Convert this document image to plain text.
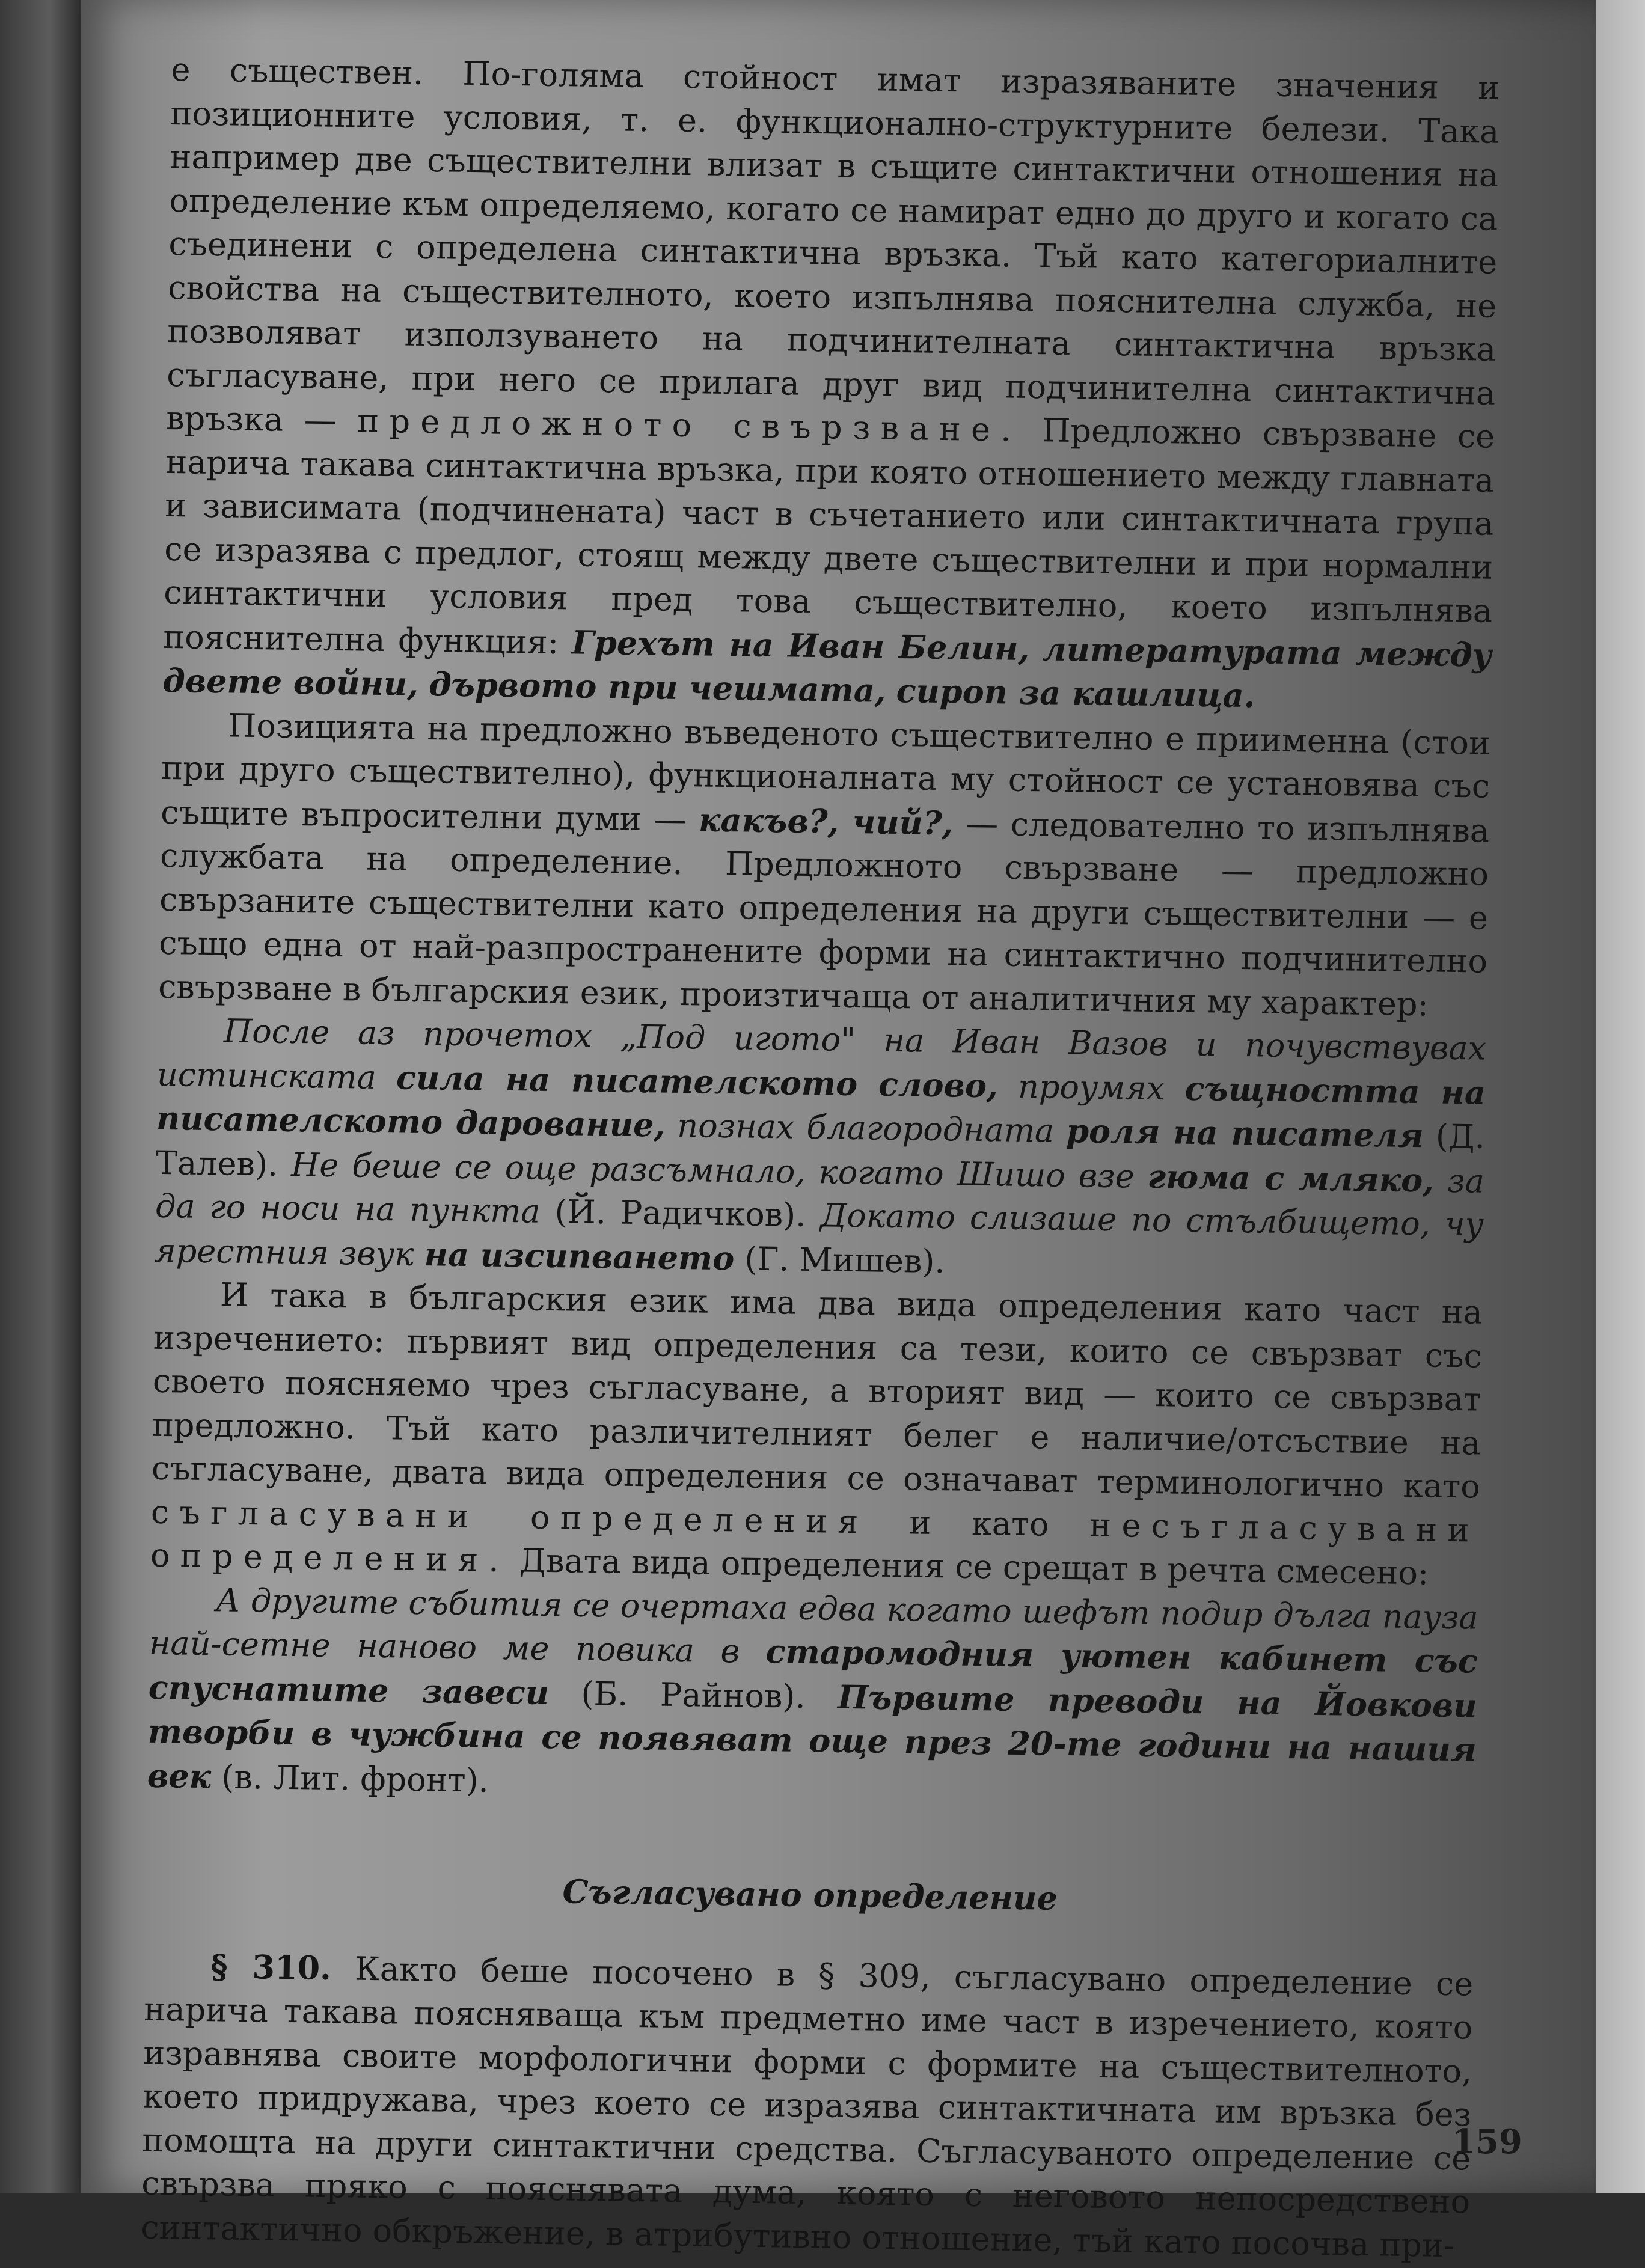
е съществен. По-голяма стойност имат изразяваните значения и позиционните условия, т. е. функционално-структурните белези. Така например две съществителни влизат в същите синтактични отношения на определение към определяемо, когато се намират едно до друго и когато са съединени с определена синтактична връзка. Тъй като категориалните свойства на съществителното, което изпълнява пояснителна служба, не позволяват използуването на подчинителната синтактична връзка съгласуване, при него се прилага друг вид подчинителна синтактична връзка — предложното свързване. Предложно свързване се нарича такава синтактична връзка, при която отношението между главната и зависимата (подчинената) част в съчетанието или синтактичната група се изразява с предлог, стоящ между двете съществителни и при нормални синтактични условия пред това съществително, което изпълнява пояснителна функция: Грехът на Иван Белин, литературата между двете войни, дървото при чешмата, сироп за кашлица.

Позицията на предложно въведеното съществително е приименна (стои при друго съществително), функционалната му стойност се установява със същите въпросителни думи — какъв?, чий?, — следователно то изпълнява службата на определение. Предложното свързване — предложно свързаните съществителни като определения на други съществителни — е също една от най-разпространените форми на синтактично подчинително свързване в българския език, произтичаща от аналитичния му характер:

После аз прочетох „Под игото" на Иван Вазов и почувствувах истинската сила на писателското слово, проумях същността на писателското дарование, познах благородната роля на писателя (Д. Талев). Не беше се още разсъмнало, когато Шишо взе гюма с мляко, за да го носи на пункта (Й. Радичков). Докато слизаше по стълбището, чу ярестния звук на изсипването (Г. Мишев).

И така в българския език има два вида определения като част на изречението: първият вид определения са тези, които се свързват със своето поясняемо чрез съгласуване, а вторият вид — които се свързват предложно. Тъй като различителният белег е наличие/отсъствие на съгласуване, двата вида определения се означават терминологично като съгласувани определения и като несъгласувани определения. Двата вида определения се срещат в речта смесено:

А другите събития се очертаха едва когато шефът подир дълга пауза най-сетне наново ме повика в старомодния уютен кабинет със спуснатите завеси (Б. Райнов). Първите преводи на Йовкови творби в чужбина се появяват още през 20-те години на нашия век (в. Лит. фронт).

Съгласувано определение

§ 310. Както беше посочено в § 309, съгласувано определение се нарича такава поясняваща към предметно име част в изречението, която изравнява своите морфологични форми с формите на съществителното, което придружава, чрез което се изразява синтактичната им връзка без помощта на други синтактични средства. Съгласуваното определение се свързва пряко с пояснявата дума, която с неговото непосредствено синтактично обкръжение, в атрибутивно отношение, тъй като посочва при-

159
